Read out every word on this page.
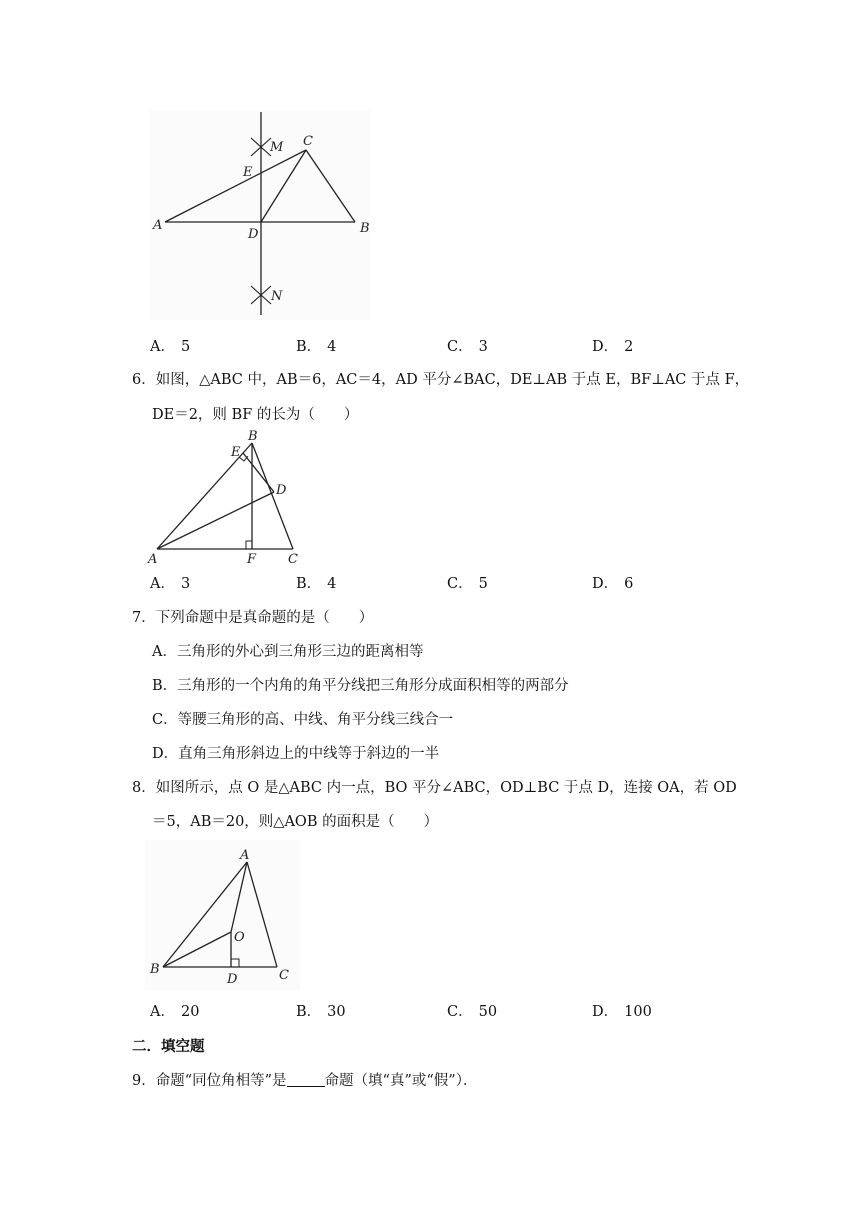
A	B
C
D
E
M
N
A． 5	B． 4	C． 3	D． 2
6．如图，△ABC 中，AB＝6，AC＝4，AD 平分∠BAC，DE⊥AB 于点 E，BF⊥AC 于点 F，
DE＝2，则 BF 的长为（　　）
A
B
C
D
E
F
A． 3	B． 4	C． 5	D． 6
7．下列命题中是真命题的是（　　）
A．三角形的外心到三角形三边的距离相等
B．三角形的一个内角的角平分线把三角形分成面积相等的两部分
C．等腰三角形的高、中线、角平分线三线合一
D．直角三角形斜边上的中线等于斜边的一半
8．如图所示，点 O 是△ABC 内一点，BO 平分∠ABC，OD⊥BC 于点 D，连接 OA，若 OD
＝5，AB＝20，则△AOB 的面积是（　　）
A
B	C
D
O
A． 20	B． 30	C． 50	D． 100
二．填空题
9．命题“同位角相等”是	命题（填“真”或“假”）．
